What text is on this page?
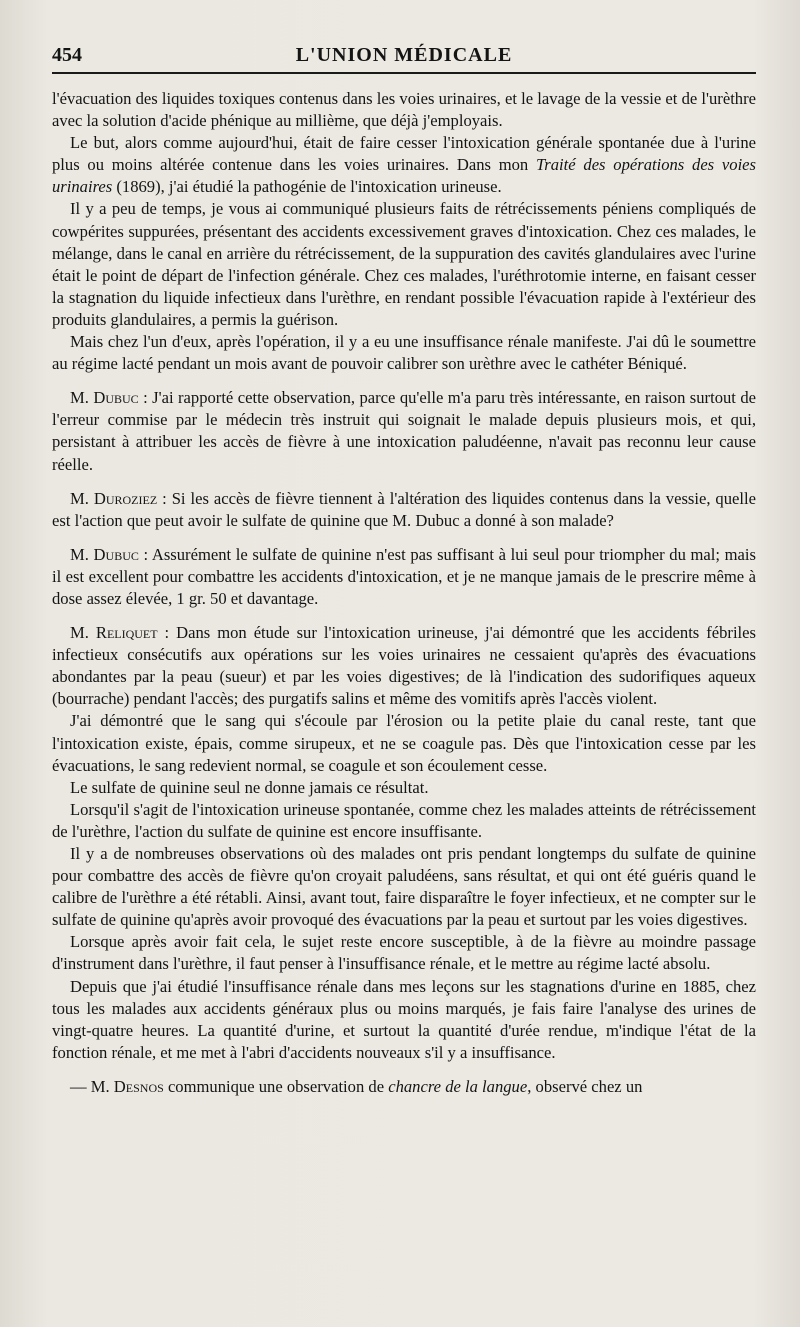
454	L'UNION MÉDICALE

l'évacuation des liquides toxiques contenus dans les voies urinaires, et le lavage de la vessie et de l'urèthre avec la solution d'acide phénique au millième, que déjà j'employais.

Le but, alors comme aujourd'hui, était de faire cesser l'intoxication générale spontanée due à l'urine plus ou moins altérée contenue dans les voies urinaires. Dans mon Traité des opérations des voies urinaires (1869), j'ai étudié la pathogénie de l'intoxication urineuse.

Il y a peu de temps, je vous ai communiqué plusieurs faits de rétrécissements péniens compliqués de cowpérites suppurées, présentant des accidents excessivement graves d'intoxication. Chez ces malades, le mélange, dans le canal en arrière du rétrécissement, de la suppuration des cavités glandulaires avec l'urine était le point de départ de l'infection générale. Chez ces malades, l'uréthrotomie interne, en faisant cesser la stagnation du liquide infectieux dans l'urèthre, en rendant possible l'évacuation rapide à l'extérieur des produits glandulaires, a permis la guérison.

Mais chez l'un d'eux, après l'opération, il y a eu une insuffisance rénale manifeste. J'ai dû le soumettre au régime lacté pendant un mois avant de pouvoir calibrer son urèthre avec le cathéter Béniqué.

M. Dubuc : J'ai rapporté cette observation, parce qu'elle m'a paru très intéressante, en raison surtout de l'erreur commise par le médecin très instruit qui soignait le malade depuis plusieurs mois, et qui, persistant à attribuer les accès de fièvre à une intoxication paludéenne, n'avait pas reconnu leur cause réelle.

M. Duroziez : Si les accès de fièvre tiennent à l'altération des liquides contenus dans la vessie, quelle est l'action que peut avoir le sulfate de quinine que M. Dubuc a donné à son malade?

M. Dubuc : Assurément le sulfate de quinine n'est pas suffisant à lui seul pour triompher du mal; mais il est excellent pour combattre les accidents d'intoxication, et je ne manque jamais de le prescrire même à dose assez élevée, 1 gr. 50 et davantage.

M. Reliquet : Dans mon étude sur l'intoxication urineuse, j'ai démontré que les accidents fébriles infectieux consécutifs aux opérations sur les voies urinaires ne cessaient qu'après des évacuations abondantes par la peau (sueur) et par les voies digestives; de là l'indication des sudorifiques aqueux (bourrache) pendant l'accès; des purgatifs salins et même des vomitifs après l'accès violent.

J'ai démontré que le sang qui s'écoule par l'érosion ou la petite plaie du canal reste, tant que l'intoxication existe, épais, comme sirupeux, et ne se coagule pas. Dès que l'intoxication cesse par les évacuations, le sang redevient normal, se coagule et son écoulement cesse.

Le sulfate de quinine seul ne donne jamais ce résultat.

Lorsqu'il s'agit de l'intoxication urineuse spontanée, comme chez les malades atteints de rétrécissement de l'urèthre, l'action du sulfate de quinine est encore insuffisante.

Il y a de nombreuses observations où des malades ont pris pendant longtemps du sulfate de quinine pour combattre des accès de fièvre qu'on croyait paludéens, sans résultat, et qui ont été guéris quand le calibre de l'urèthre a été rétabli. Ainsi, avant tout, faire disparaître le foyer infectieux, et ne compter sur le sulfate de quinine qu'après avoir provoqué des évacuations par la peau et surtout par les voies digestives.

Lorsque après avoir fait cela, le sujet reste encore susceptible, à de la fièvre au moindre passage d'instrument dans l'urèthre, il faut penser à l'insuffisance rénale, et le mettre au régime lacté absolu.

Depuis que j'ai étudié l'insuffisance rénale dans mes leçons sur les stagnations d'urine en 1885, chez tous les malades aux accidents généraux plus ou moins marqués, je fais faire l'analyse des urines de vingt-quatre heures. La quantité d'urine, et surtout la quantité d'urée rendue, m'indique l'état de la fonction rénale, et me met à l'abri d'accidents nouveaux s'il y a insuffisance.

— M. Desnos communique une observation de chancre de la langue, observé chez un
